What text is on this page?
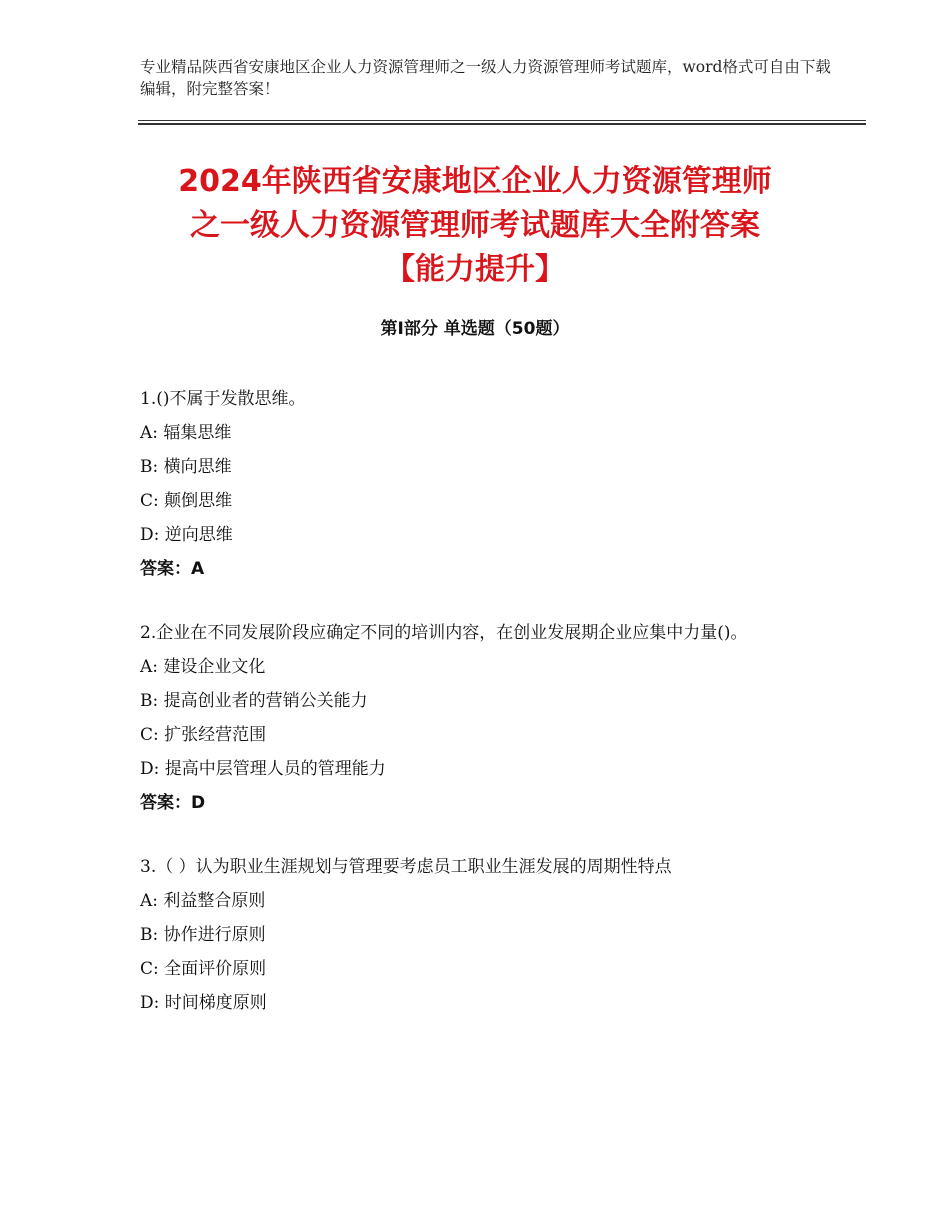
专业精品陕西省安康地区企业人力资源管理师之一级人力资源管理师考试题库，word格式可自由下载编辑，附完整答案！
2024年陕西省安康地区企业人力资源管理师
之一级人力资源管理师考试题库大全附答案
【能力提升】
第Ⅰ部分 单选题（50题）
1.()不属于发散思维。
A: 辐集思维
B: 横向思维
C: 颠倒思维
D: 逆向思维
答案：A
2.企业在不同发展阶段应确定不同的培训内容，在创业发展期企业应集中力量()。
A: 建设企业文化
B: 提高创业者的营销公关能力
C: 扩张经营范围
D: 提高中层管理人员的管理能力
答案：D
3.（ ）认为职业生涯规划与管理要考虑员工职业生涯发展的周期性特点
A: 利益整合原则
B: 协作进行原则
C: 全面评价原则
D: 时间梯度原则
